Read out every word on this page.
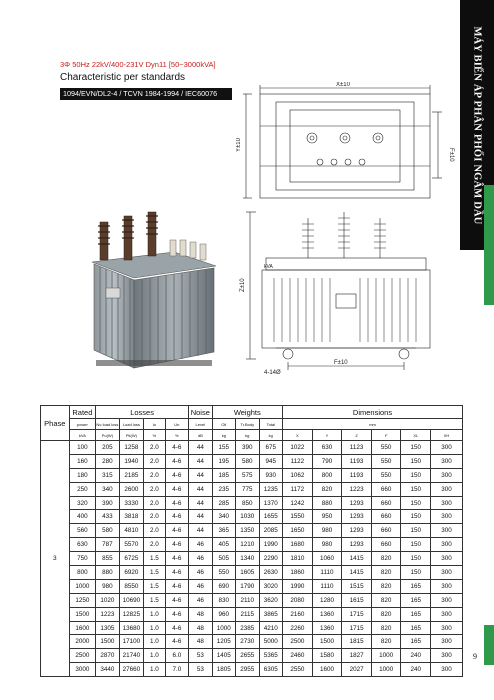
MÁY BIẾN ÁP PHÂN PHỐI NGÂM DẦU
3Φ 50Hz 22kV/400-231V Dyn11 [50~3000kVA]
Characteristic per standards
1094/EVN/DL2-4 / TCVN 1984-1994 / IEC60076
X±10
Y±10
F±10
Z±10
F±10
4-14Ø
kVA
Phase	Rated	Losses				Noise	Weights			Dimensions					
	power	No load loss	Load loss	Io	Un	Level	Oil	Tr.Body	Total	mm					
	kVA	Po(W)	Pk(W)	%	%	dB	kg	kg	kg	X	Y	Z	F	XL	XH
3	100	205	1258	2.0	4-6	44	155	390	675	1022	630	1123	550	150	300
	160	280	1940	2.0	4-6	44	195	580	945	1122	790	1193	550	150	300
	180	315	2185	2.0	4-6	44	185	575	930	1062	800	1193	550	150	300
	250	340	2600	2.0	4-6	44	235	775	1235	1172	820	1223	660	150	300
	320	390	3330	2.0	4-6	44	285	850	1370	1242	880	1293	660	150	300
	400	433	3818	2.0	4-6	44	340	1030	1655	1550	950	1293	660	150	300
	560	580	4810	2.0	4-6	44	365	1350	2085	1650	980	1293	660	150	300
	630	787	5570	2.0	4-6	46	405	1210	1990	1680	980	1293	660	150	300
	750	855	6725	1.5	4-6	46	505	1340	2290	1810	1060	1415	820	150	300
	800	880	6920	1.5	4-6	46	550	1605	2630	1860	1110	1415	820	150	300
	1000	980	8550	1.5	4-6	46	690	1790	3020	1990	1110	1515	820	165	300
	1250	1020	10690	1.5	4-6	46	830	2110	3620	2080	1280	1615	820	165	300
	1500	1223	12825	1.0	4-6	48	960	2115	3865	2160	1360	1715	820	165	300
	1600	1305	13680	1.0	4-6	48	1000	2385	4210	2260	1360	1715	820	165	300
	2000	1500	17100	1.0	4-6	48	1205	2730	5000	2500	1500	1815	820	165	300
	2500	2870	21740	1.0	6.0	53	1405	2655	5365	2460	1580	1827	1000	240	300
	3000	3440	27660	1.0	7.0	53	1805	2955	6305	2550	1600	2027	1000	240	300
9
